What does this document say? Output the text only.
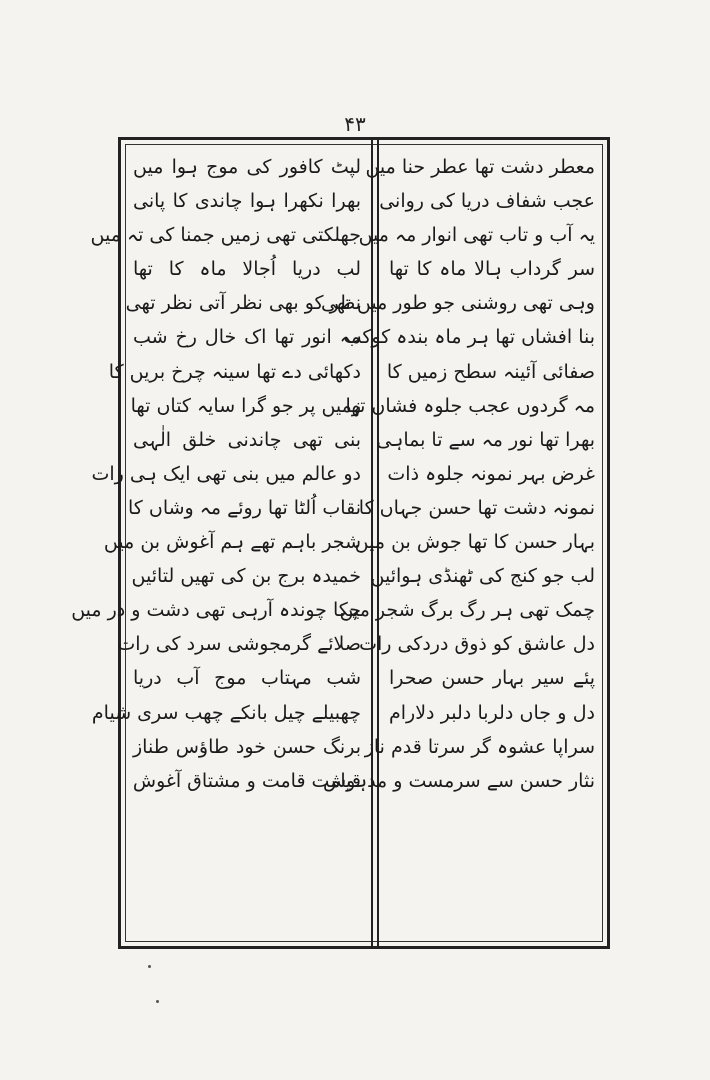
۴۳
معطر دشت تھا عطر حنا میں
عجب شفاف دریا کی روانی
یہ آب و تاب تھی انوار مہ میں
سر گرداب ہالا ماہ کا تھا
وہی تھی روشنی جو طور میں تھی
بنا افشاں تھا ہر ماہ بندہ کوکب
صفائی آئینہ سطح زمیں کا
مہ گردوں عجب جلوہ فشاں تھا
بھرا تھا نور مہ سے تا بماہی
غرض بہر نمونہ جلوہ ذات
نمونہ دشت تھا حسن جہاں کا
بہار حسن کا تھا جوش بن میں
لب جو کنج کی ٹھنڈی ہوائیں
چمک تھی ہر رگ برگ شجر میں
دل عاشق کو ذوق دردکی رات
پئے سیر بہار حسن صحرا
دل و جاں دلربا دلبر دلارام
سراپا عشوہ گر سرتا قدم ناز
نثار حسن سے سرمست و مدہوش
لپٹ کافور کی موج ہوا میں
بھرا نکھرا ہوا چاندی کا پانی
جھلکتی تھی زمیں جمنا کی تہ میں
لب دریا اُجالا ماہ کا تھا
نظر کو بھی نظر آتی نظر تھی
مہ انور تھا اک خال رخ شب
دکھائی دے تھا سینہ چرخ بریں کا
زمیں پر جو گرا سایہ کتاں تھا
بنی تھی چاندنی خلق الٰہی
دو عالم میں بنی تھی ایک ہی رات
نقاب اُلٹا تھا روئے مہ وشاں کا
شجر باہم تھے ہم آغوش بن میں
خمیدہ برج بن کی تھیں لتائیں
چکا چوندہ آرہی تھی دشت و در میں
صلائے گرمجوشی سرد کی رات
شب مہتاب موج آب دریا
چھبیلے چیل بانکے چھب سری شیام
برنگ حسن خود طاؤس طناز
قیامت قامت و مشتاق آغوش
